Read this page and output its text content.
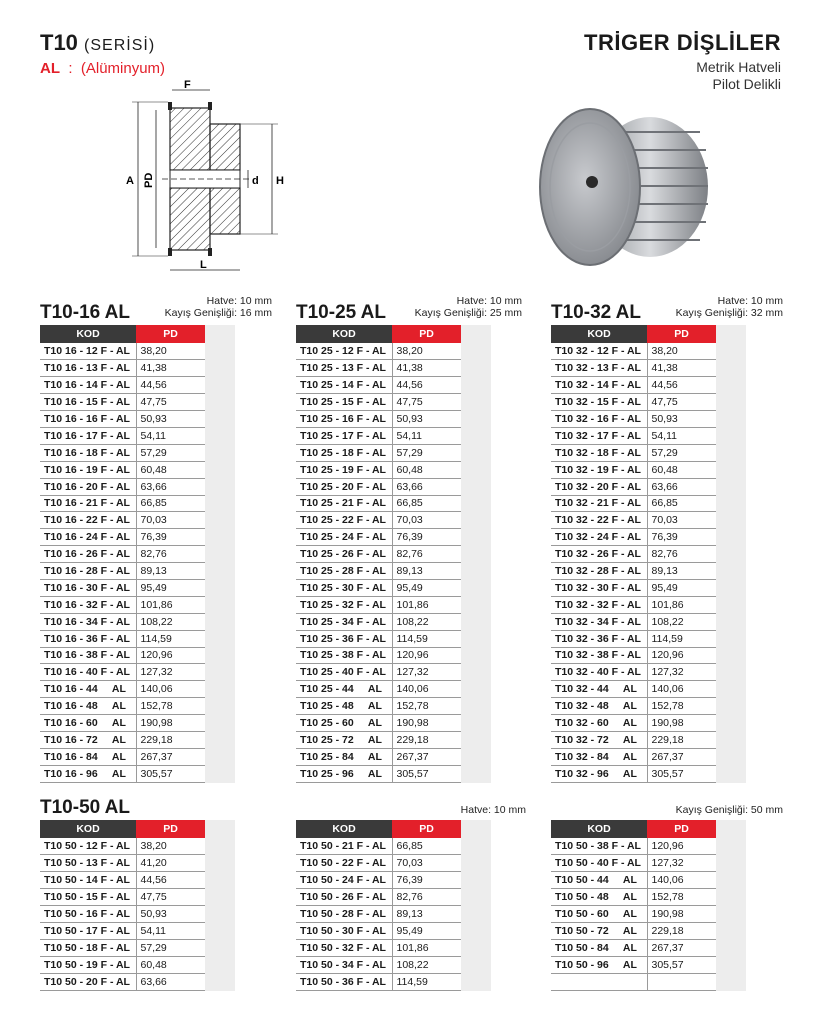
T10 (SERİSİ)
AL : (Alüminyum)
TRİGER DİŞLİLER
Metrik Hatveli
Pilot Delikli
F
A PD	d H
L
T10-16 AL
Hatve: 10 mm
Kayış Genişliği: 16 mm
KOD	PD
T10 16 - 12 F - AL	38,20
T10 16 - 13 F - AL	41,38
T10 16 - 14 F - AL	44,56
T10 16 - 15 F - AL	47,75
T10 16 - 16 F - AL	50,93
T10 16 - 17 F - AL	54,11
T10 16 - 18 F - AL	57,29
T10 16 - 19 F - AL	60,48
T10 16 - 20 F - AL	63,66
T10 16 - 21 F - AL	66,85
T10 16 - 22 F - AL	70,03
T10 16 - 24 F - AL	76,39
T10 16 - 26 F - AL	82,76
T10 16 - 28 F - AL	89,13
T10 16 - 30 F - AL	95,49
T10 16 - 32 F - AL	101,86
T10 16 - 34 F - AL	108,22
T10 16 - 36 F - AL	114,59
T10 16 - 38 F - AL	120,96
T10 16 - 40 F - AL	127,32
T10 16 - 44     AL	140,06
T10 16 - 48     AL	152,78
T10 16 - 60     AL	190,98
T10 16 - 72     AL	229,18
T10 16 - 84     AL	267,37
T10 16 - 96     AL	305,57
T10-25 AL
Hatve: 10 mm
Kayış Genişliği: 25 mm
KOD	PD
T10 25 - 12 F - AL	38,20
T10 25 - 13 F - AL	41,38
T10 25 - 14 F - AL	44,56
T10 25 - 15 F - AL	47,75
T10 25 - 16 F - AL	50,93
T10 25 - 17 F - AL	54,11
T10 25 - 18 F - AL	57,29
T10 25 - 19 F - AL	60,48
T10 25 - 20 F - AL	63,66
T10 25 - 21 F - AL	66,85
T10 25 - 22 F - AL	70,03
T10 25 - 24 F - AL	76,39
T10 25 - 26 F - AL	82,76
T10 25 - 28 F - AL	89,13
T10 25 - 30 F - AL	95,49
T10 25 - 32 F - AL	101,86
T10 25 - 34 F - AL	108,22
T10 25 - 36 F - AL	114,59
T10 25 - 38 F - AL	120,96
T10 25 - 40 F - AL	127,32
T10 25 - 44     AL	140,06
T10 25 - 48     AL	152,78
T10 25 - 60     AL	190,98
T10 25 - 72     AL	229,18
T10 25 - 84     AL	267,37
T10 25 - 96     AL	305,57
T10-32 AL
Hatve: 10 mm
Kayış Genişliği: 32 mm
KOD	PD
T10 32 - 12 F - AL	38,20
T10 32 - 13 F - AL	41,38
T10 32 - 14 F - AL	44,56
T10 32 - 15 F - AL	47,75
T10 32 - 16 F - AL	50,93
T10 32 - 17 F - AL	54,11
T10 32 - 18 F - AL	57,29
T10 32 - 19 F - AL	60,48
T10 32 - 20 F - AL	63,66
T10 32 - 21 F - AL	66,85
T10 32 - 22 F - AL	70,03
T10 32 - 24 F - AL	76,39
T10 32 - 26 F - AL	82,76
T10 32 - 28 F - AL	89,13
T10 32 - 30 F - AL	95,49
T10 32 - 32 F - AL	101,86
T10 32 - 34 F - AL	108,22
T10 32 - 36 F - AL	114,59
T10 32 - 38 F - AL	120,96
T10 32 - 40 F - AL	127,32
T10 32 - 44     AL	140,06
T10 32 - 48     AL	152,78
T10 32 - 60     AL	190,98
T10 32 - 72     AL	229,18
T10 32 - 84     AL	267,37
T10 32 - 96     AL	305,57
T10-50 AL	Hatve: 10 mm	Kayış Genişliği: 50 mm
KOD	PD
T10 50 - 12 F - AL	38,20
T10 50 - 13 F - AL	41,20
T10 50 - 14 F - AL	44,56
T10 50 - 15 F - AL	47,75
T10 50 - 16 F - AL	50,93
T10 50 - 17 F - AL	54,11
T10 50 - 18 F - AL	57,29
T10 50 - 19 F - AL	60,48
T10 50 - 20 F - AL	63,66
KOD	PD
T10 50 - 21 F - AL	66,85
T10 50 - 22 F - AL	70,03
T10 50 - 24 F - AL	76,39
T10 50 - 26 F - AL	82,76
T10 50 - 28 F - AL	89,13
T10 50 - 30 F - AL	95,49
T10 50 - 32 F - AL	101,86
T10 50 - 34 F - AL	108,22
T10 50 - 36 F - AL	114,59
KOD	PD
T10 50 - 38 F - AL	120,96
T10 50 - 40 F - AL	127,32
T10 50 - 44     AL	140,06
T10 50 - 48     AL	152,78
T10 50 - 60     AL	190,98
T10 50 - 72     AL	229,18
T10 50 - 84     AL	267,37
T10 50 - 96     AL	305,57
